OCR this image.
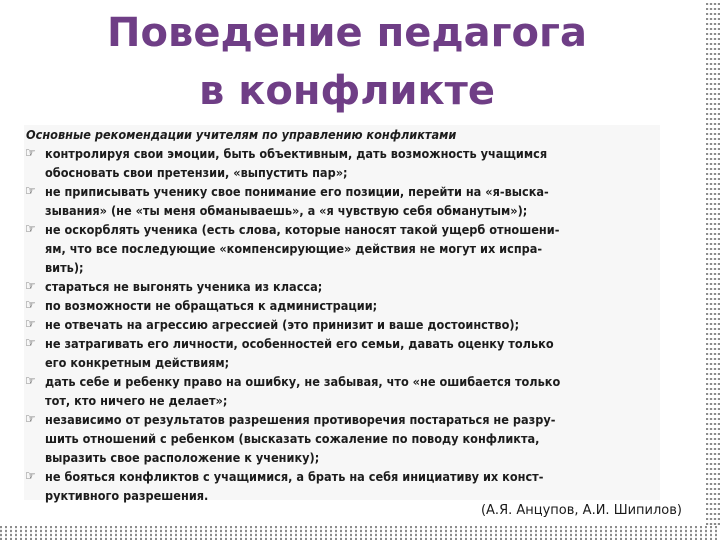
Поведение педагога
в конфликте
Основные рекомендации учителям по управлению конфликтами
☞ контролируя свои эмоции, быть объективным, дать возможность учащимся
обосновать свои претензии, «выпустить пар»;
☞ не приписывать ученику свое понимание его позиции, перейти на «я-выска-
зывания» (не «ты меня обманываешь», а «я чувствую себя обманутым»);
☞ не оскорблять ученика (есть слова, которые наносят такой ущерб отношени-
ям, что все последующие «компенсирующие» действия не могут их испра-
вить);
☞ стараться не выгонять ученика из класса;
☞ по возможности не обращаться к администрации;
☞ не отвечать на агрессию агрессией (это принизит и ваше достоинство);
☞ не затрагивать его личности, особенностей его семьи, давать оценку только
его конкретным действиям;
☞ дать себе и ребенку право на ошибку, не забывая, что «не ошибается только
тот, кто ничего не делает»;
☞ независимо от результатов разрешения противоречия постараться не разру-
шить отношений с ребенком (высказать сожаление по поводу конфликта,
выразить свое расположение к ученику);
☞ не бояться конфликтов с учащимися, а брать на себя инициативу их конст-
руктивного разрешения.
(А.Я. Анцупов, А.И. Шипилов)
